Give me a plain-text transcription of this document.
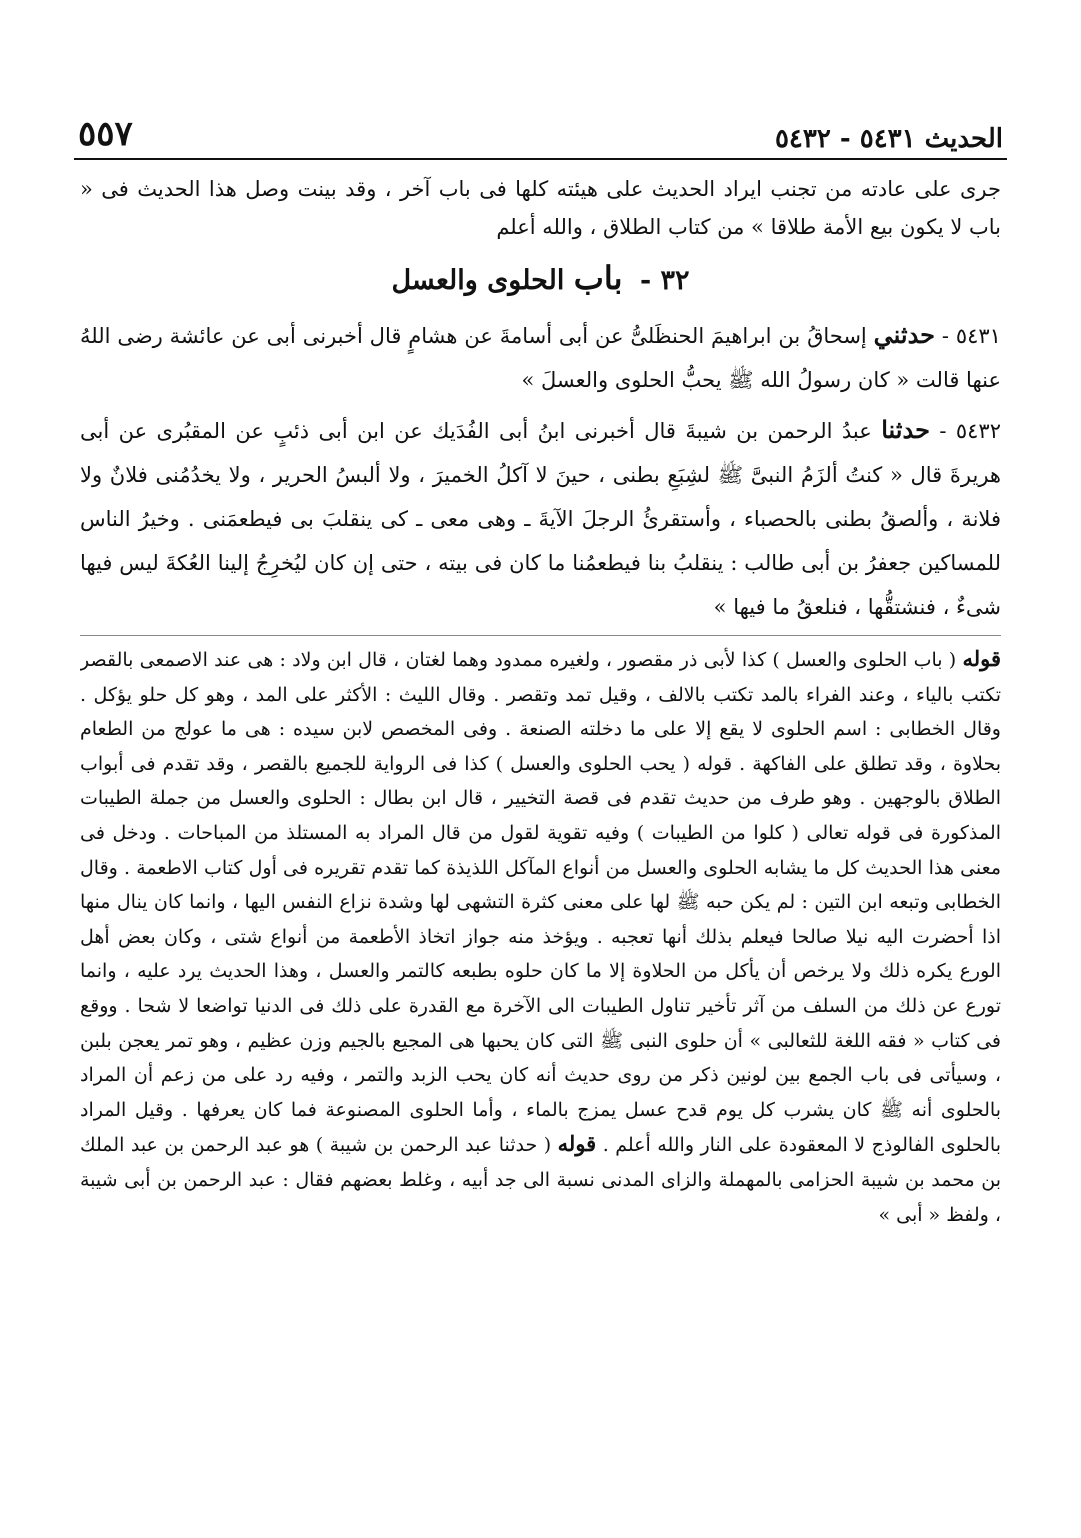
الحديث ٥٤٣١ - ٥٤٣٢
٥٥٧

جرى على عادته من تجنب ايراد الحديث على هيئته كلها فى باب آخر ، وقد بينت وصل هذا الحديث فى « باب لا يكون بيع الأمة طلاقا » من كتاب الطلاق ، والله أعلم

٣٢ - باب الحلوى والعسل

٥٤٣١ - حدثني إسحاقُ بن ابراهيمَ الحنظَلىُّ عن أبى أسامةَ عن هشامٍ قال أخبرنى أبى عن عائشة رضى اللهُ عنها قالت « كان رسولُ الله ﷺ يحبُّ الحلوى والعسلَ »

٥٤٣٢ - حدثنا عبدُ الرحمن بن شيبةَ قال أخبرنى ابنُ أبى الفُدَيك عن ابن أبى ذئبٍ عن المقبُرى عن أبى هريرةَ قال « كنتُ ألزَمُ النبىَّ ﷺ لشِبَعِ بطنى ، حينَ لا آكلُ الخميرَ ، ولا ألبسُ الحرير ، ولا يخدُمُنى فلانٌ ولا فلانة ، وألصقُ بطنى بالحصباء ، وأستقرئُ الرجلَ الآيةَ ـ وهى معى ـ كى ينقلبَ بى فيطعمَنى . وخيرُ الناس للمساكين جعفرُ بن أبى طالب : ينقلبُ بنا فيطعمُنا ما كان فى بيته ، حتى إن كان ليُخرِجُ إلينا العُكةَ ليس فيها شىءٌ ، فنشتقُّها ، فنلعقُ ما فيها »

قوله ( باب الحلوى والعسل ) كذا لأبى ذر مقصور ، ولغيره ممدود وهما لغتان ، قال ابن ولاد : هى عند الاصمعى بالقصر تكتب بالياء ، وعند الفراء بالمد تكتب بالالف ، وقيل تمد وتقصر . وقال الليث : الأكثر على المد ، وهو كل حلو يؤكل . وقال الخطابى : اسم الحلوى لا يقع إلا على ما دخلته الصنعة . وفى المخصص لابن سيده : هى ما عولج من الطعام بحلاوة ، وقد تطلق على الفاكهة . قوله ( يحب الحلوى والعسل ) كذا فى الرواية للجميع بالقصر ، وقد تقدم فى أبواب الطلاق بالوجهين . وهو طرف من حديث تقدم فى قصة التخيير ، قال ابن بطال : الحلوى والعسل من جملة الطيبات المذكورة فى قوله تعالى ( كلوا من الطيبات ) وفيه تقوية لقول من قال المراد به المستلذ من المباحات . ودخل فى معنى هذا الحديث كل ما يشابه الحلوى والعسل من أنواع المآكل اللذيذة كما تقدم تقريره فى أول كتاب الاطعمة . وقال الخطابى وتبعه ابن التين : لم يكن حبه ﷺ لها على معنى كثرة التشهى لها وشدة نزاع النفس اليها ، وانما كان ينال منها اذا أحضرت اليه نيلا صالحا فيعلم بذلك أنها تعجبه . ويؤخذ منه جواز اتخاذ الأطعمة من أنواع شتى ، وكان بعض أهل الورع يكره ذلك ولا يرخص أن يأكل من الحلاوة إلا ما كان حلوه بطبعه كالتمر والعسل ، وهذا الحديث يرد عليه ، وانما تورع عن ذلك من السلف من آثر تأخير تناول الطيبات الى الآخرة مع القدرة على ذلك فى الدنيا تواضعا لا شحا . ووقع فى كتاب « فقه اللغة للثعالبى » أن حلوى النبى ﷺ التى كان يحبها هى المجيع بالجيم وزن عظيم ، وهو تمر يعجن بلبن ، وسيأتى فى باب الجمع بين لونين ذكر من روى حديث أنه كان يحب الزبد والتمر ، وفيه رد على من زعم أن المراد بالحلوى أنه ﷺ كان يشرب كل يوم قدح عسل يمزج بالماء ، وأما الحلوى المصنوعة فما كان يعرفها . وقيل المراد بالحلوى الفالوذج لا المعقودة على النار والله أعلم . قوله ( حدثنا عبد الرحمن بن شيبة ) هو عبد الرحمن بن عبد الملك بن محمد بن شيبة الحزامى بالمهملة والزاى المدنى نسبة الى جد أبيه ، وغلط بعضهم فقال : عبد الرحمن بن أبى شيبة ، ولفظ « أبى »
